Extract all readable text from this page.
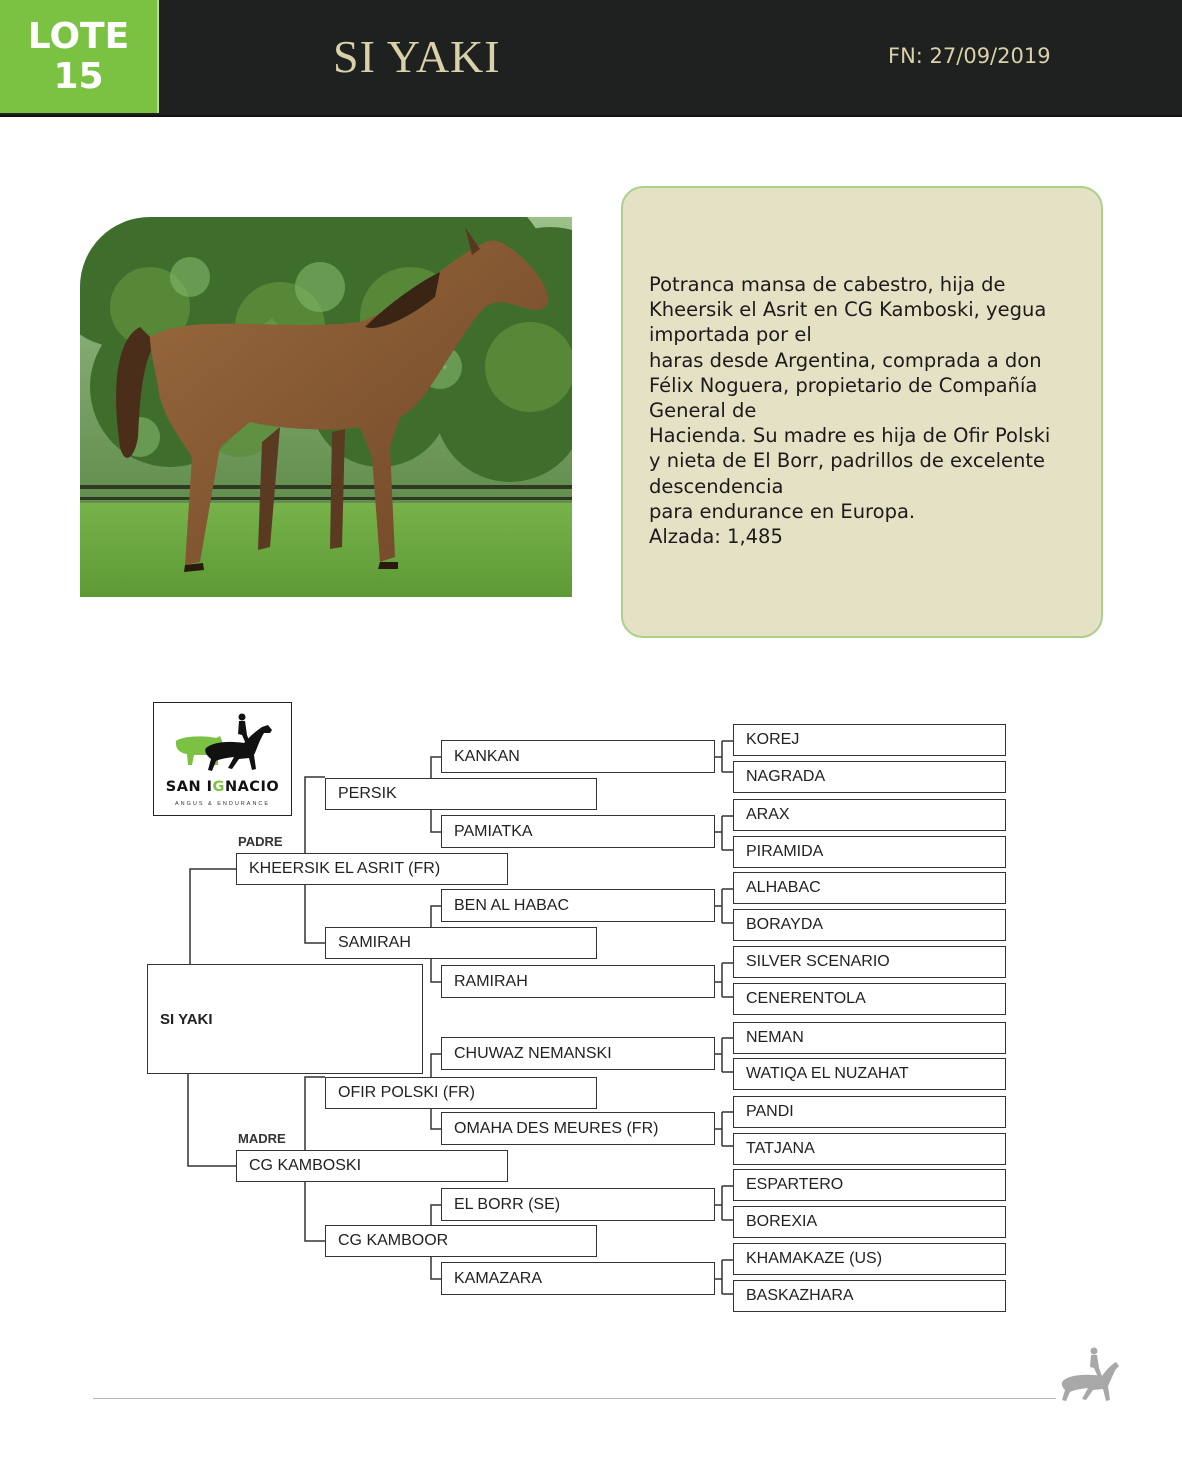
LOTE
15	SI YAKI	FN: 27/09/2019
Potranca mansa de cabestro, hija de
Kheersik el Asrit en CG Kamboski, yegua
importada por el
haras desde Argentina, comprada a don
Félix Noguera, propietario de Compañía
General de
Hacienda. Su madre es hija de Ofir Polski
y nieta de El Borr, padrillos de excelente
descendencia
para endurance en Europa.
Alzada: 1,485
SAN IGNACIO
ANGUS & ENDURANCE
SI YAKI
PADRE
KHEERSIK EL ASRIT (FR)
MADRE
CG KAMBOSKI
PERSIK
SAMIRAH
OFIR POLSKI (FR)
CG KAMBOOR
KANKAN
PAMIATKA
BEN AL HABAC
RAMIRAH
CHUWAZ NEMANSKI
OMAHA DES MEURES (FR)
EL BORR (SE)
KAMAZARA
KOREJ
NAGRADA
ARAX
PIRAMIDA
ALHABAC
BORAYDA
SILVER SCENARIO
CENERENTOLA
NEMAN
WATIQA EL NUZAHAT
PANDI
TATJANA
ESPARTERO
BOREXIA
KHAMAKAZE (US)
BASKAZHARA
